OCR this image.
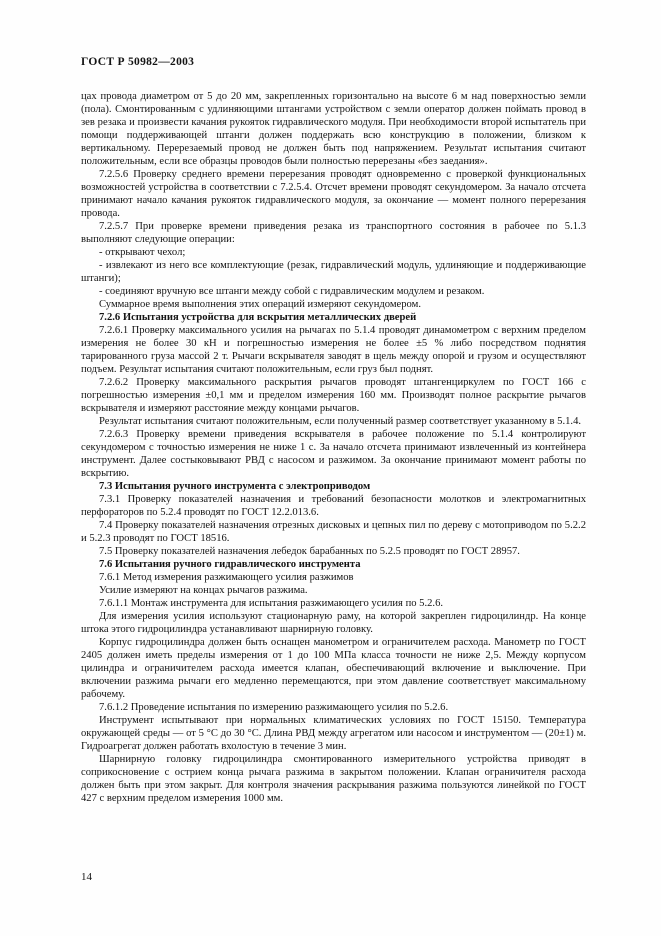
ГОСТ Р 50982—2003

цах провода диаметром от 5 до 20 мм, закрепленных горизонтально на высоте 6 м над поверхностью земли (пола). Смонтированным с удлиняющими штангами устройством с земли оператор должен поймать провод в зев резака и произвести качания рукояток гидравлического модуля. При необходимости второй испытатель при помощи поддерживающей штанги должен поддержать всю конструкцию в положении, близком к вертикальному. Перерезаемый провод не должен быть под напряжением. Результат испытания считают положительным, если все образцы проводов были полностью перерезаны «без заедания».

7.2.5.6 Проверку среднего времени перерезания проводят одновременно с проверкой функциональных возможностей устройства в соответствии с 7.2.5.4. Отсчет времени проводят секундомером. За начало отсчета принимают начало качания рукояток гидравлического модуля, за окончание — момент полного перерезания провода.

7.2.5.7 При проверке времени приведения резака из транспортного состояния в рабочее по 5.1.3 выполняют следующие операции:

- открывают чехол;

- извлекают из него все комплектующие (резак, гидравлический модуль, удлиняющие и поддерживающие штанги);

- соединяют вручную все штанги между собой с гидравлическим модулем и резаком.

Суммарное время выполнения этих операций измеряют секундомером.

7.2.6 Испытания устройства для вскрытия металлических дверей

7.2.6.1 Проверку максимального усилия на рычагах по 5.1.4 проводят динамометром с верхним пределом измерения не более 30 кН и погрешностью измерения не более ±5 % либо посредством поднятия тарированного груза массой 2 т. Рычаги вскрывателя заводят в щель между опорой и грузом и осуществляют подъем. Результат испытания считают положительным, если груз был поднят.

7.2.6.2 Проверку максимального раскрытия рычагов проводят штангенциркулем по ГОСТ 166 с погрешностью измерения ±0,1 мм и пределом измерения 160 мм. Производят полное раскрытие рычагов вскрывателя и измеряют расстояние между концами рычагов.

Результат испытания считают положительным, если полученный размер соответствует указанному в 5.1.4.

7.2.6.3 Проверку времени приведения вскрывателя в рабочее положение по 5.1.4 контролируют секундомером с точностью измерения не ниже 1 с. За начало отсчета принимают извлеченный из контейнера инструмент. Далее состыковывают РВД с насосом и разжимом. За окончание принимают момент работы по вскрытию.

7.3 Испытания ручного инструмента с электроприводом

7.3.1 Проверку показателей назначения и требований безопасности молотков и электромагнитных перфораторов по 5.2.4 проводят по ГОСТ 12.2.013.6.

7.4 Проверку показателей назначения отрезных дисковых и цепных пил по дереву с мотоприводом по 5.2.2 и 5.2.3 проводят по ГОСТ 18516.

7.5 Проверку показателей назначения лебедок барабанных по 5.2.5 проводят по ГОСТ 28957.

7.6 Испытания ручного гидравлического инструмента

7.6.1 Метод измерения разжимающего усилия разжимов

Усилие измеряют на концах рычагов разжима.

7.6.1.1 Монтаж инструмента для испытания разжимающего усилия по 5.2.6.

Для измерения усилия используют стационарную раму, на которой закреплен гидроцилиндр. На конце штока этого гидроцилиндра устанавливают шарнирную головку.

Корпус гидроцилиндра должен быть оснащен манометром и ограничителем расхода. Манометр по ГОСТ 2405 должен иметь пределы измерения от 1 до 100 МПа класса точности не ниже 2,5. Между корпусом цилиндра и ограничителем расхода имеется клапан, обеспечивающий включение и выключение. При включении разжима рычаги его медленно перемещаются, при этом давление соответствует максимальному рабочему.

7.6.1.2 Проведение испытания по измерению разжимающего усилия по 5.2.6.

Инструмент испытывают при нормальных климатических условиях по ГОСТ 15150. Температура окружающей среды — от 5 °С до 30 °С. Длина РВД между агрегатом или насосом и инструментом — (20±1) м. Гидроагрегат должен работать вхолостую в течение 3 мин.

Шарнирную головку гидроцилиндра смонтированного измерительного устройства приводят в соприкосновение с острием конца рычага разжима в закрытом положении. Клапан ограничителя расхода должен быть при этом закрыт. Для контроля значения раскрывания разжима пользуются линейкой по ГОСТ 427 с верхним пределом измерения 1000 мм.

14
